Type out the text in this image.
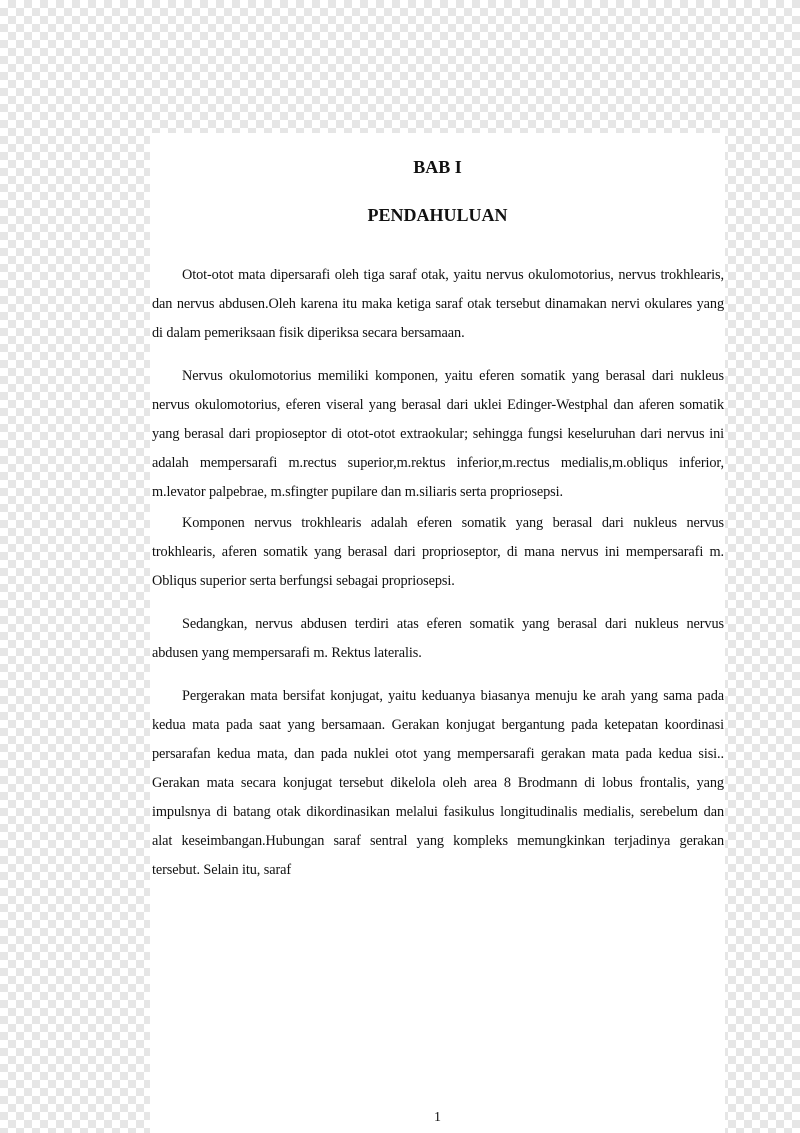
BAB I
PENDAHULUAN

Otot-otot mata dipersarafi oleh tiga saraf otak, yaitu nervus okulomotorius, nervus trokhlearis, dan nervus abdusen.Oleh karena itu maka ketiga saraf otak tersebut dinamakan nervi okulares yang di dalam pemeriksaan fisik diperiksa secara bersamaan.

Nervus okulomotorius memiliki komponen, yaitu eferen somatik yang berasal dari nukleus nervus okulomotorius, eferen viseral yang berasal dari uklei Edinger-Westphal dan aferen somatik yang berasal dari propioseptor di otot-otot extraokular; sehingga fungsi keseluruhan dari nervus ini adalah mempersarafi m.rectus superior,m.rektus inferior,m.rectus medialis,m.obliqus inferior, m.levator palpebrae, m.sfingter pupilare dan m.siliaris serta propriosepsi.

Komponen nervus trokhlearis adalah eferen somatik yang berasal dari nukleus nervus trokhlearis, aferen somatik yang berasal dari proprioseptor, di mana nervus ini mempersarafi m. Obliqus superior serta berfungsi sebagai propriosepsi.

Sedangkan, nervus abdusen terdiri atas eferen somatik yang berasal dari nukleus nervus abdusen yang mempersarafi m. Rektus lateralis.

Pergerakan mata bersifat konjugat, yaitu keduanya biasanya menuju ke arah yang sama pada kedua mata pada saat yang bersamaan. Gerakan konjugat bergantung pada ketepatan koordinasi persarafan kedua mata, dan pada nuklei otot yang mempersarafi gerakan mata pada kedua sisi.. Gerakan mata secara konjugat tersebut dikelola oleh area 8 Brodmann di lobus frontalis, yang impulsnya di batang otak dikordinasikan melalui fasikulus longitudinalis medialis, serebelum dan alat keseimbangan.Hubungan saraf sentral yang kompleks memungkinkan terjadinya gerakan tersebut. Selain itu, saraf

1
